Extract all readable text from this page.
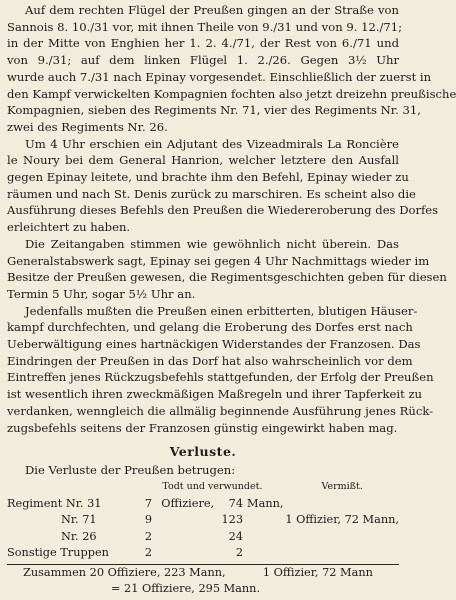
Auf dem rechten Flügel der Preußen gingen an der Straße von
Sannois 8. 10./31 vor, mit ihnen Theile von 9./31 und von 9. 12./71;
in der Mitte von Enghien her 1. 2. 4./71, der Rest von 6./71 und
von 9./31; auf dem linken Flügel 1. 2./26. Gegen 3½ Uhr
wurde auch 7./31 nach Epinay vorgesendet. Einschließlich der zuerst in
den Kampf verwickelten Kompagnien fochten also jetzt dreizehn preußische
Kompagnien, sieben des Regiments Nr. 71, vier des Regiments Nr. 31,
zwei des Regiments Nr. 26.

Um 4 Uhr erschien ein Adjutant des Vizeadmirals La Roncière
le Noury bei dem General Hanrion, welcher letztere den Ausfall
gegen Epinay leitete, und brachte ihm den Befehl, Epinay wieder zu
räumen und nach St. Denis zurück zu marschiren. Es scheint also die
Ausführung dieses Befehls den Preußen die Wiedereroberung des Dorfes
erleichtert zu haben.

Die Zeitangaben stimmen wie gewöhnlich nicht überein. Das
Generalstabswerk sagt, Epinay sei gegen 4 Uhr Nachmittags wieder im
Besitze der Preußen gewesen, die Regimentsgeschichten geben für diesen
Termin 5 Uhr, sogar 5½ Uhr an.

Jedenfalls mußten die Preußen einen erbitterten, blutigen Häuser-
kampf durchfechten, und gelang die Eroberung des Dorfes erst nach
Ueberwältigung eines hartnäckigen Widerstandes der Franzosen. Das
Eindringen der Preußen in das Dorf hat also wahrscheinlich vor dem
Eintreffen jenes Rückzugsbefehls stattgefunden, der Erfolg der Preußen
ist wesentlich ihren zweckmäßigen Maßregeln und ihrer Tapferkeit zu
verdanken, wenngleich die allmälig beginnende Ausführung jenes Rück-
zugsbefehls seitens der Franzosen günstig eingewirkt haben mag.

Verluste.
Die Verluste der Preußen betrugen:
	Todt und verwundet.				Vermißt.
Regiment Nr. 31	7	Offiziere,	74	Mann,	
Nr. 71	9		123		1 Offizier, 72 Mann,
Nr. 26	2		24		
Sonstige Truppen	2		2		
Zusammen 20 Offiziere, 223 Mann,	1 Offizier, 72 Mann
= 21 Offiziere, 295 Mann.
